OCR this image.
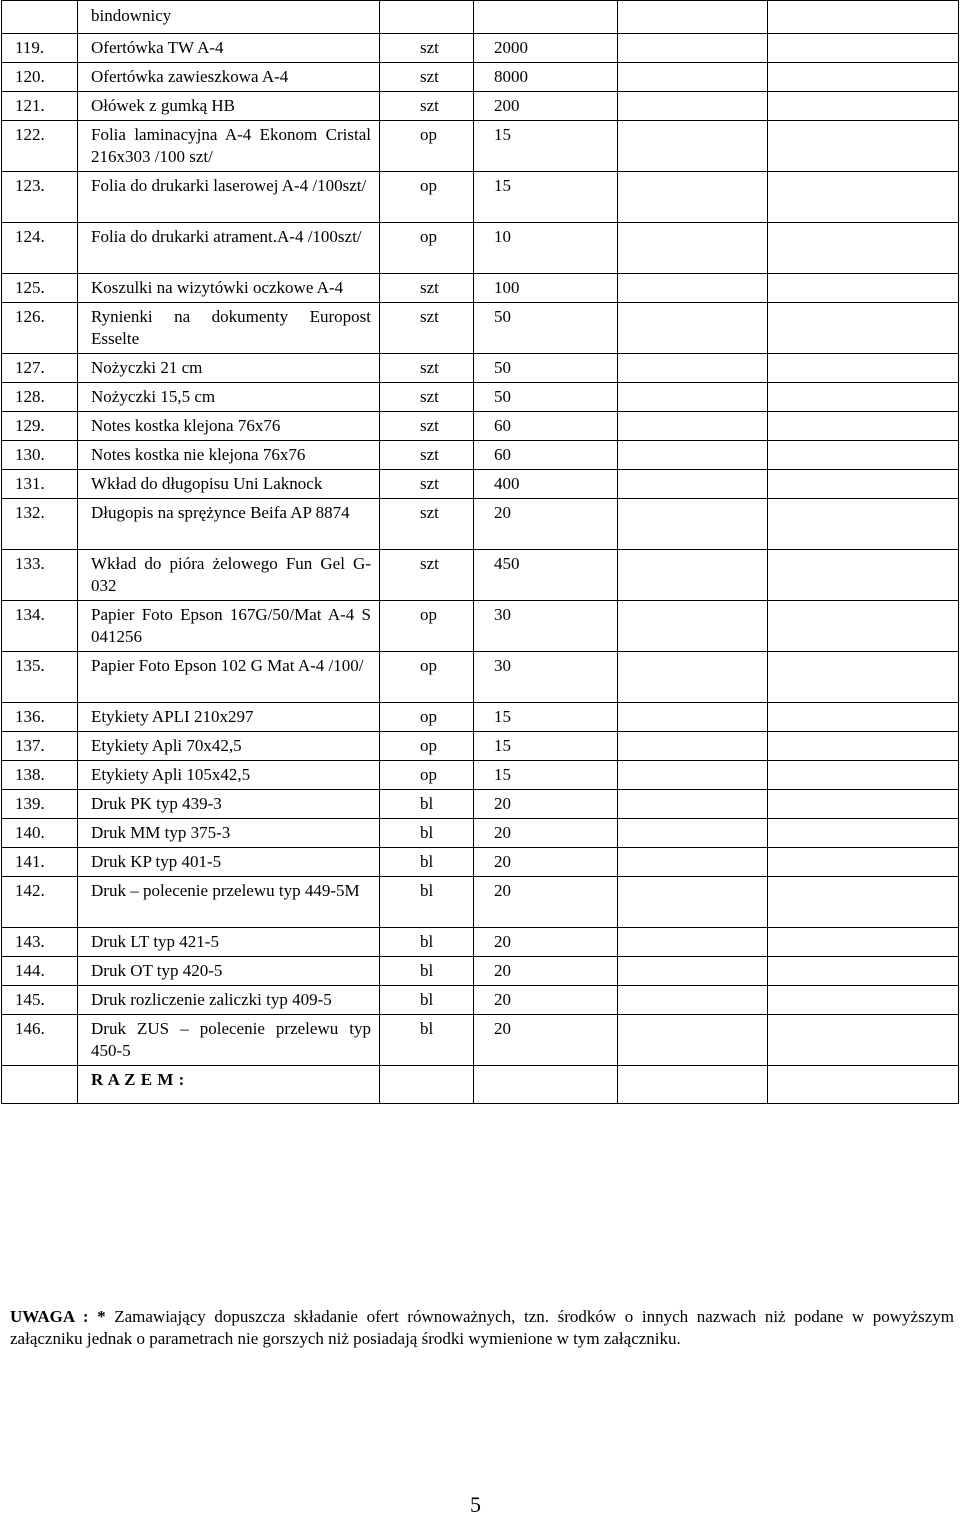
	bindownicy				

119.	Ofertówka TW A-4	szt	2000		

120.	Ofertówka zawieszkowa A-4	szt	8000		

121.	Ołówek z gumką HB	szt	200		

122.	Folia laminacyjna A-4 Ekonom Cristal 216x303 /100 szt/	op	15		

123.	Folia do drukarki laserowej A-4 /100szt/	op	15		

124.	Folia do drukarki atrament.A-4 /100szt/	op	10		

125.	Koszulki na wizytówki oczkowe A-4	szt	100		

126.	Rynienki na dokumenty Europost Esselte	szt	50		

127.	Nożyczki 21 cm	szt	50		

128.	Nożyczki 15,5 cm	szt	50		

129.	Notes kostka klejona 76x76	szt	60		

130.	Notes kostka nie klejona 76x76	szt	60		

131.	Wkład do długopisu Uni Laknock	szt	400		

132.	Długopis na sprężynce Beifa AP 8874	szt	20		

133.	Wkład do pióra żelowego Fun Gel G-032	szt	450		

134.	Papier Foto Epson 167G/50/Mat A-4 S 041256	op	30		

135.	Papier Foto Epson 102 G Mat A-4 /100/	op	30		

136.	Etykiety APLI 210x297	op	15		

137.	Etykiety Apli 70x42,5	op	15		

138.	Etykiety Apli 105x42,5	op	15		

139.	Druk PK typ 439-3	bl	20		

140.	Druk MM typ 375-3	bl	20		

141.	Druk KP typ 401-5	bl	20		

142.	Druk – polecenie przelewu typ 449-5M	bl	20		

143.	Druk LT typ 421-5	bl	20		

144.	Druk OT typ 420-5	bl	20		

145.	Druk rozliczenie zaliczki typ 409-5	bl	20		

146.	Druk ZUS – polecenie przelewu typ 450-5	bl	20		

	R A Z E M :				

UWAGA : * Zamawiający dopuszcza składanie ofert równoważnych, tzn. środków o innych nazwach niż podane w powyższym załączniku jednak o parametrach nie gorszych niż posiadają środki wymienione w tym załączniku.
5
